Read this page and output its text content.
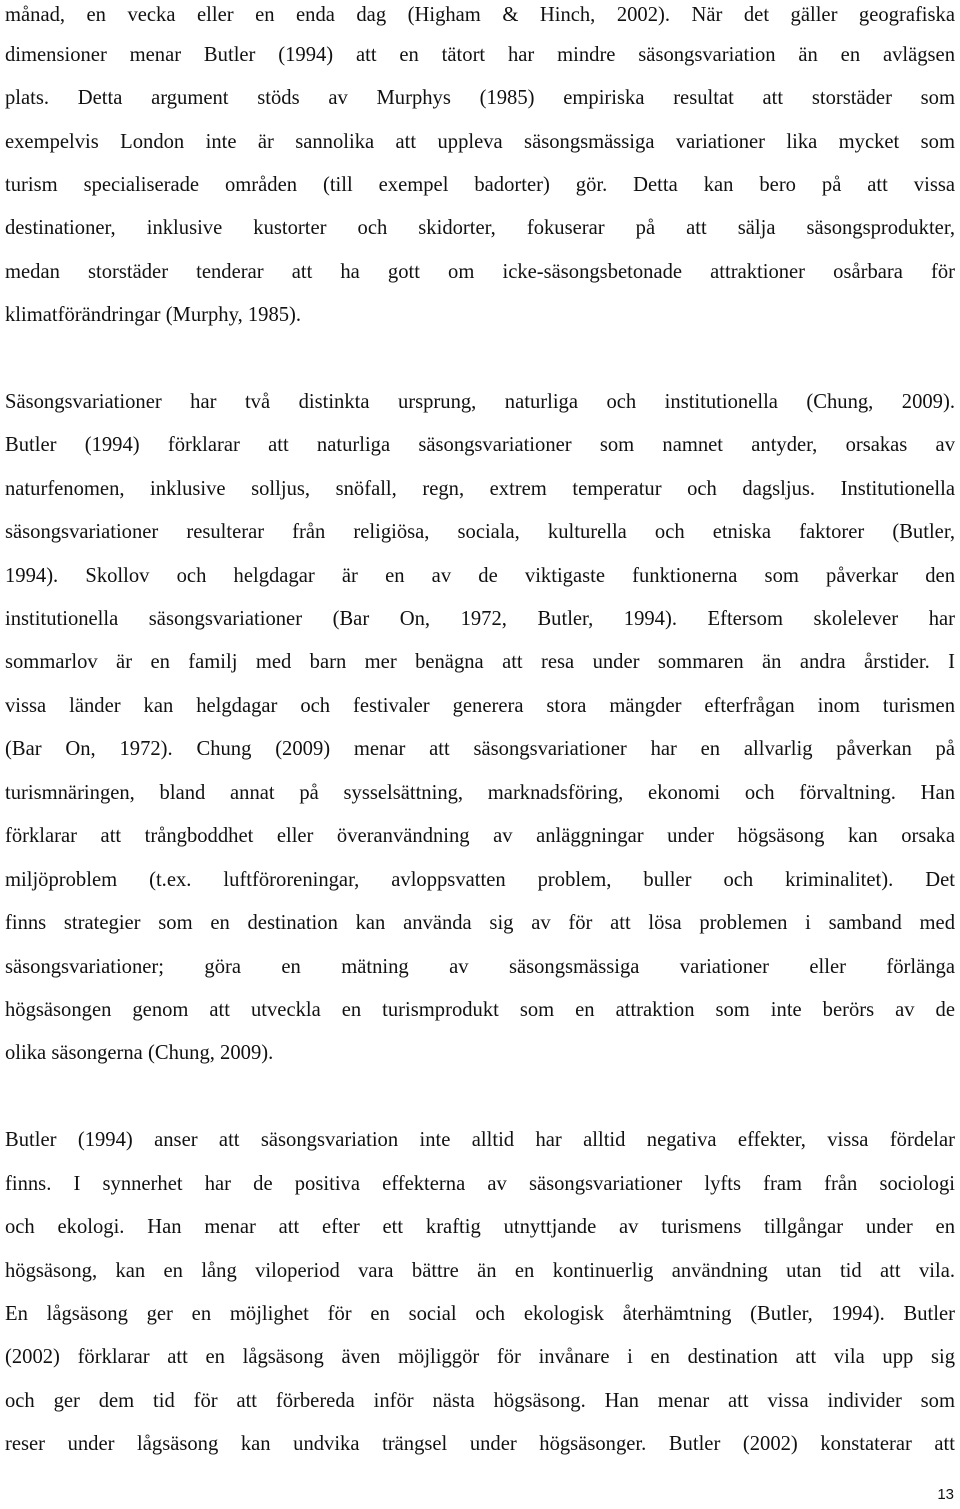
månad, en vecka eller en enda dag (Higham & Hinch, 2002). När det gäller geografiska

dimensioner menar Butler (1994) att en tätort har mindre säsongsvariation än en avlägsen

plats. Detta argument stöds av Murphys (1985) empiriska resultat att storstäder som

exempelvis London inte är sannolika att uppleva säsongsmässiga variationer lika mycket som

turism specialiserade områden (till exempel badorter) gör. Detta kan bero på att vissa

destinationer, inklusive kustorter och skidorter, fokuserar på att sälja säsongsprodukter,

medan storstäder tenderar att ha gott om icke-säsongsbetonade attraktioner osårbara för

klimatförändringar (Murphy, 1985).

Säsongsvariationer har två distinkta ursprung, naturliga och institutionella (Chung, 2009).

Butler (1994) förklarar att naturliga säsongsvariationer som namnet antyder, orsakas av

naturfenomen, inklusive solljus, snöfall, regn, extrem temperatur och dagsljus. Institutionella

säsongsvariationer resulterar från religiösa, sociala, kulturella och etniska faktorer (Butler,

1994). Skollov och helgdagar är en av de viktigaste funktionerna som påverkar den

institutionella säsongsvariationer (Bar On, 1972, Butler, 1994). Eftersom skolelever har

sommarlov är en familj med barn mer benägna att resa under sommaren än andra årstider. I

vissa länder kan helgdagar och festivaler generera stora mängder efterfrågan inom turismen

(Bar On, 1972). Chung (2009) menar att säsongsvariationer har en allvarlig påverkan på

turismnäringen, bland annat på sysselsättning, marknadsföring, ekonomi och förvaltning. Han

förklarar att trångboddhet eller överanvändning av anläggningar under högsäsong kan orsaka

miljöproblem (t.ex. luftföroreningar, avloppsvatten problem, buller och kriminalitet). Det

finns strategier som en destination kan använda sig av för att lösa problemen i samband med

säsongsvariationer; göra en mätning av säsongsmässiga variationer eller förlänga

högsäsongen genom att utveckla en turismprodukt som en attraktion som inte berörs av de

olika säsongerna (Chung, 2009).

Butler (1994) anser att säsongsvariation inte alltid har alltid negativa effekter, vissa fördelar

finns. I synnerhet har de positiva effekterna av säsongsvariationer lyfts fram från sociologi

och ekologi. Han menar att efter ett kraftig utnyttjande av turismens tillgångar under en

högsäsong, kan en lång viloperiod vara bättre än en kontinuerlig användning utan tid att vila.

En lågsäsong ger en möjlighet för en social och ekologisk återhämtning (Butler, 1994). Butler

(2002) förklarar att en lågsäsong även möjliggör för invånare i en destination att vila upp sig

och ger dem tid för att förbereda inför nästa högsäsong. Han menar att vissa individer som

reser under lågsäsong kan undvika trängsel under högsäsonger. Butler (2002) konstaterar att

13
